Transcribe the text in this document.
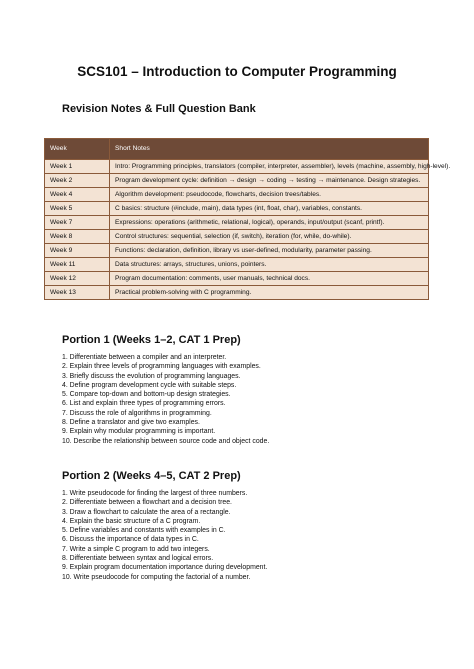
SCS101 – Introduction to Computer Programming
Revision Notes & Full Question Bank
Week	Short Notes
Week 1	Intro: Programming principles, translators (compiler, interpreter, assembler), levels (machine, assembly, high-level).
Week 2	Program development cycle: definition → design → coding → testing → maintenance. Design strategies.
Week 4	Algorithm development: pseudocode, flowcharts, decision trees/tables.
Week 5	C basics: structure (#include, main), data types (int, float, char), variables, constants.
Week 7	Expressions: operations (arithmetic, relational, logical), operands, input/output (scanf, printf).
Week 8	Control structures: sequential, selection (if, switch), iteration (for, while, do-while).
Week 9	Functions: declaration, definition, library vs user-defined, modularity, parameter passing.
Week 11	Data structures: arrays, structures, unions, pointers.
Week 12	Program documentation: comments, user manuals, technical docs.
Week 13	Practical problem-solving with C programming.
Portion 1 (Weeks 1–2, CAT 1 Prep)
1. Differentiate between a compiler and an interpreter.
2. Explain three levels of programming languages with examples.
3. Briefly discuss the evolution of programming languages.
4. Define program development cycle with suitable steps.
5. Compare top-down and bottom-up design strategies.
6. List and explain three types of programming errors.
7. Discuss the role of algorithms in programming.
8. Define a translator and give two examples.
9. Explain why modular programming is important.
10. Describe the relationship between source code and object code.
Portion 2 (Weeks 4–5, CAT 2 Prep)
1. Write pseudocode for finding the largest of three numbers.
2. Differentiate between a flowchart and a decision tree.
3. Draw a flowchart to calculate the area of a rectangle.
4. Explain the basic structure of a C program.
5. Define variables and constants with examples in C.
6. Discuss the importance of data types in C.
7. Write a simple C program to add two integers.
8. Differentiate between syntax and logical errors.
9. Explain program documentation importance during development.
10. Write pseudocode for computing the factorial of a number.
